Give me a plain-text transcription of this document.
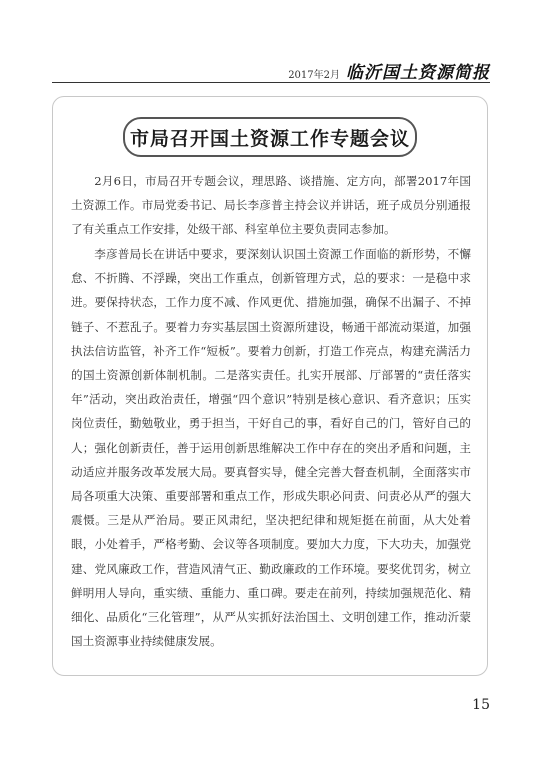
2017年2月 临沂国土资源简报
市局召开国土资源工作专题会议

2月6日，市局召开专题会议，理思路、谈措施、定方向，部署2017年国土资源工作。市局党委书记、局长李彦普主持会议并讲话，班子成员分别通报了有关重点工作安排，处级干部、科室单位主要负责同志参加。

李彦普局长在讲话中要求，要深刻认识国土资源工作面临的新形势，不懈怠、不折腾、不浮躁，突出工作重点，创新管理方式，总的要求：一是稳中求进。要保持状态，工作力度不减、作风更优、措施加强，确保不出漏子、不掉链子、不惹乱子。要着力夯实基层国土资源所建设，畅通干部流动渠道，加强执法信访监管，补齐工作“短板”。要着力创新，打造工作亮点，构建充满活力的国土资源创新体制机制。二是落实责任。扎实开展部、厅部署的“责任落实年”活动，突出政治责任，增强“四个意识”特别是核心意识、看齐意识；压实岗位责任，勤勉敬业，勇于担当，干好自己的事，看好自己的门，管好自己的人；强化创新责任，善于运用创新思维解决工作中存在的突出矛盾和问题，主动适应并服务改革发展大局。要真督实导，健全完善大督查机制，全面落实市局各项重大决策、重要部署和重点工作，形成失职必问责、问责必从严的强大震慑。三是从严治局。要正风肃纪，坚决把纪律和规矩挺在前面，从大处着眼，小处着手，严格考勤、会议等各项制度。要加大力度，下大功夫，加强党建、党风廉政工作，营造风清气正、勤政廉政的工作环境。要奖优罚劣，树立鲜明用人导向，重实绩、重能力、重口碑。要走在前列，持续加强规范化、精细化、品质化“三化管理”，从严从实抓好法治国土、文明创建工作，推动沂蒙国土资源事业持续健康发展。

15
